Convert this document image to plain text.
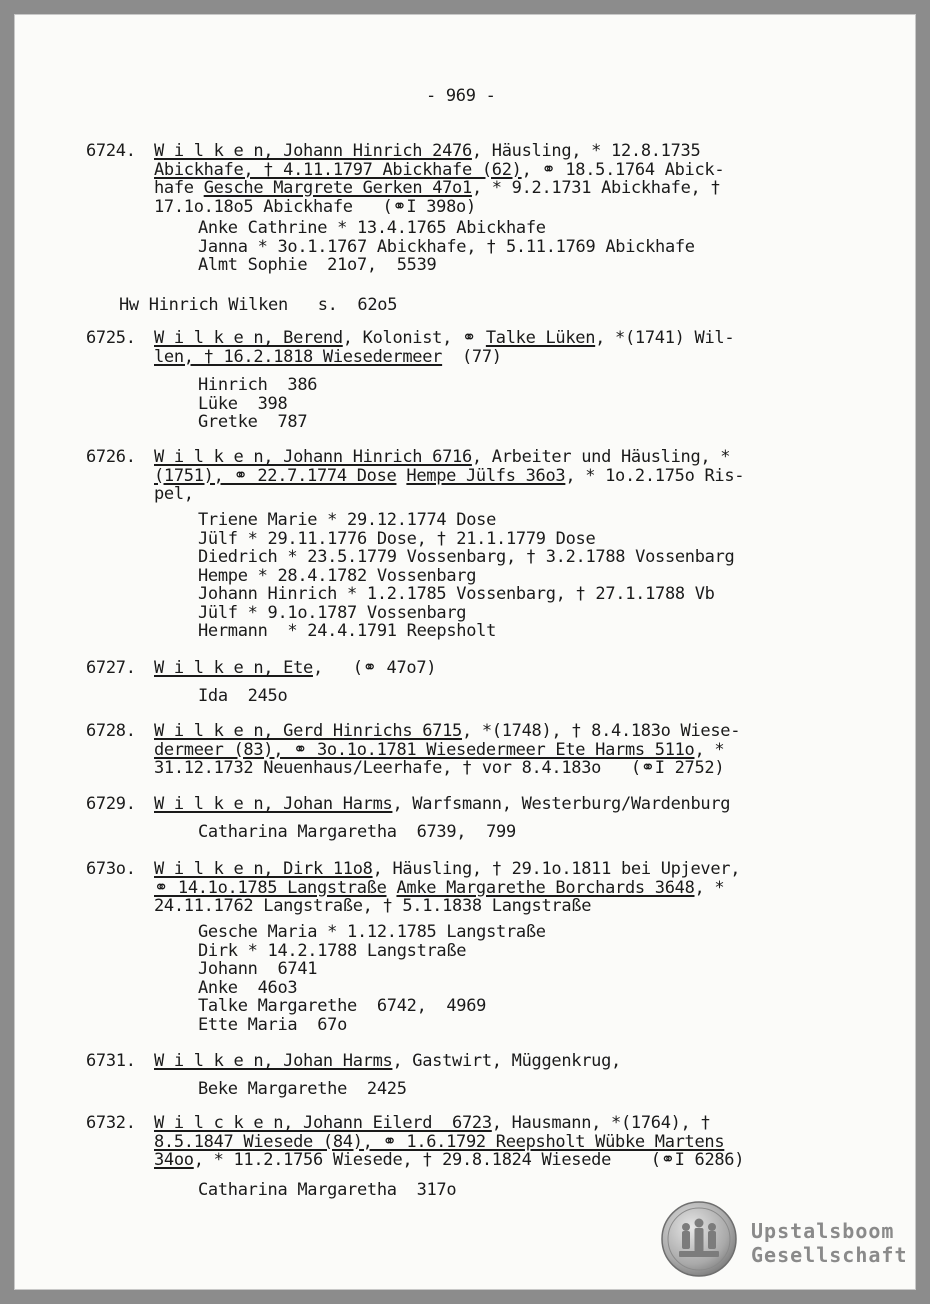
- 969 -
6724. W i l k e n, Johann Hinrich 2476, Häusling, * 12.8.1735
Abickhafe, † 4.11.1797 Abickhafe (62), ⚭ 18.5.1764 Abick-
hafe Gesche Margrete Gerken 47o1, * 9.2.1731 Abickhafe, †
17.1o.18o5 Abickhafe   (⚭I 398o)
Anke Cathrine * 13.4.1765 Abickhafe
Janna * 3o.1.1767 Abickhafe, † 5.11.1769 Abickhafe
Almt Sophie  21o7,  5539
Hw Hinrich Wilken   s.  62o5
6725. W i l k e n, Berend, Kolonist, ⚭ Talke Lüken, *(1741) Wil-
len, † 16.2.1818 Wiesedermeer  (77)
Hinrich  386
Lüke  398
Gretke  787
6726. W i l k e n, Johann Hinrich 6716, Arbeiter und Häusling, *
(1751), ⚭ 22.7.1774 Dose Hempe Jülfs 36o3, * 1o.2.175o Ris-
pel,
Triene Marie * 29.12.1774 Dose
Jülf * 29.11.1776 Dose, † 21.1.1779 Dose
Diedrich * 23.5.1779 Vossenbarg, † 3.2.1788 Vossenbarg
Hempe * 28.4.1782 Vossenbarg
Johann Hinrich * 1.2.1785 Vossenbarg, † 27.1.1788 Vb
Jülf * 9.1o.1787 Vossenbarg
Hermann  * 24.4.1791 Reepsholt
6727. W i l k e n, Ete,   (⚭ 47o7)
Ida  245o
6728. W i l k e n, Gerd Hinrichs 6715, *(1748), † 8.4.183o Wiese-
dermeer (83), ⚭ 3o.1o.1781 Wiesedermeer Ete Harms 511o, *
31.12.1732 Neuenhaus/Leerhafe, † vor 8.4.183o   (⚭I 2752)
6729. W i l k e n, Johan Harms, Warfsmann, Westerburg/Wardenburg
Catharina Margaretha  6739,  799
673o. W i l k e n, Dirk 11o8, Häusling, † 29.1o.1811 bei Upjever,
⚭ 14.1o.1785 Langstraße Amke Margarethe Borchards 3648, *
24.11.1762 Langstraße, † 5.1.1838 Langstraße
Gesche Maria * 1.12.1785 Langstraße
Dirk * 14.2.1788 Langstraße
Johann  6741
Anke  46o3
Talke Margarethe  6742,  4969
Ette Maria  67o
6731. W i l k e n, Johan Harms, Gastwirt, Müggenkrug,
Beke Margarethe  2425
6732. W i l c k e n, Johann Eilerd  6723, Hausmann, *(1764), †
8.5.1847 Wiesede (84), ⚭ 1.6.1792 Reepsholt Wübke Martens
34oo, * 11.2.1756 Wiesede, † 29.8.1824 Wiesede    (⚭I 6286)
Catharina Margaretha  317o
Upstalsboom
Gesellschaft
